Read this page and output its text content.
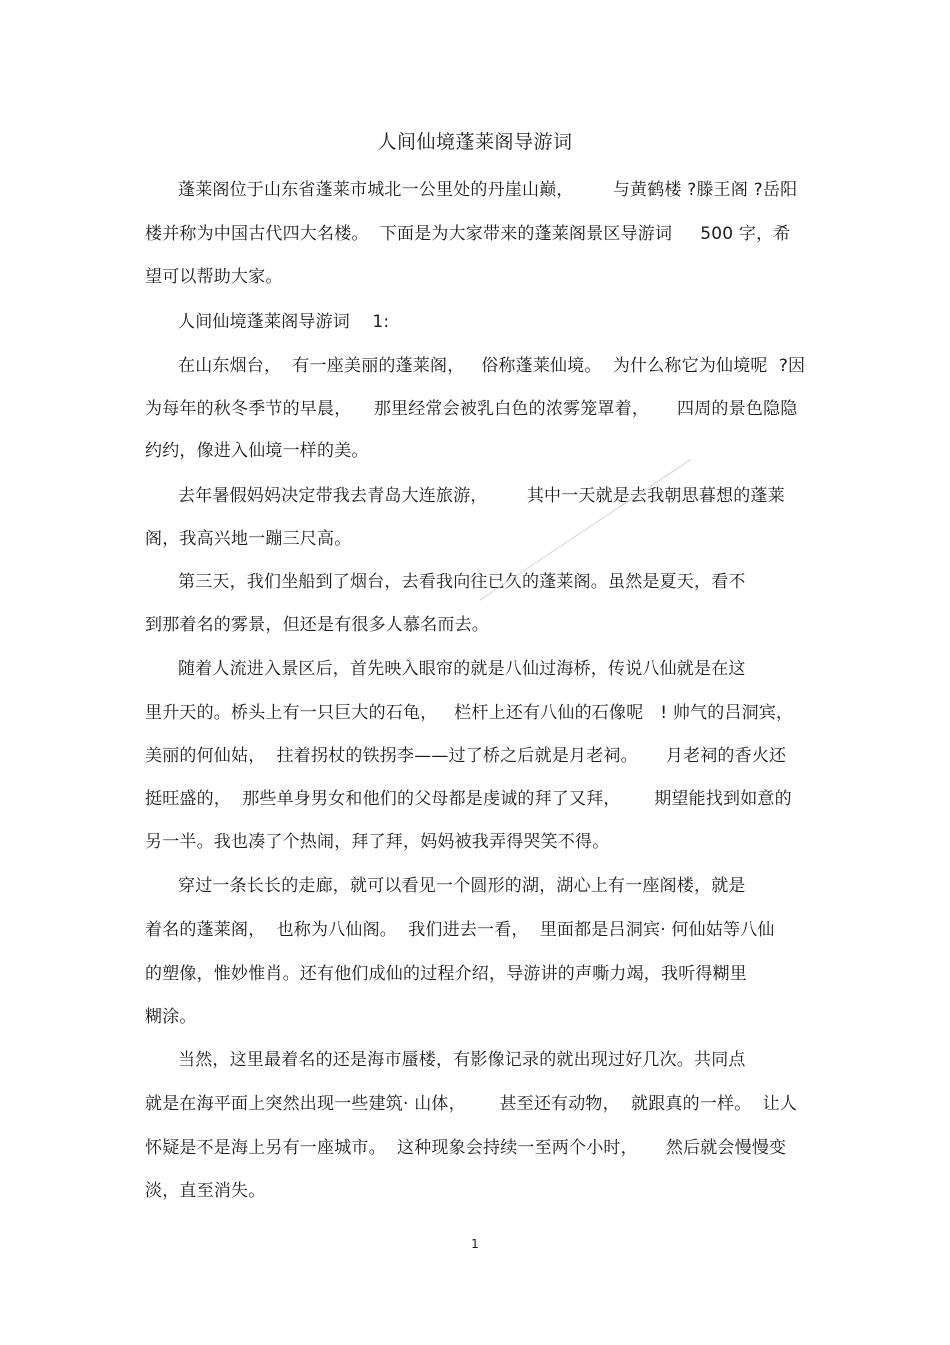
人间仙境蓬莱阁导游词
蓬莱阁位于山东省蓬莱市城北一公里处的丹崖山巅，       与黄鹤楼 ?滕王阁 ?岳阳
楼并称为中国古代四大名楼。  下面是为大家带来的蓬莱阁景区导游词     500 字，希
望可以帮助大家。
人间仙境蓬莱阁导游词    1:
在山东烟台，  有一座美丽的蓬莱阁，   俗称蓬莱仙境。  为什么称它为仙境呢  ?因
为每年的秋冬季节的早晨，    那里经常会被乳白色的浓雾笼罩着，     四周的景色隐隐
约约，像进入仙境一样的美。
去年暑假妈妈决定带我去青岛大连旅游，       其中一天就是去我朝思暮想的蓬莱
阁，我高兴地一蹦三尺高。
第三天，我们坐船到了烟台，去看我向往已久的蓬莱阁。虽然是夏天，看不
到那着名的雾景，但还是有很多人慕名而去。
随着人流进入景区后，首先映入眼帘的就是八仙过海桥，传说八仙就是在这
里升天的。桥头上有一只巨大的石龟，   栏杆上还有八仙的石像呢   ! 帅气的吕洞宾，
美丽的何仙姑，  拄着拐杖的铁拐李——过了桥之后就是月老祠。     月老祠的香火还
挺旺盛的，  那些单身男女和他们的父母都是虔诚的拜了又拜，      期望能找到如意的
另一半。我也凑了个热闹，拜了拜，妈妈被我弄得哭笑不得。
穿过一条长长的走廊，就可以看见一个圆形的湖，湖心上有一座阁楼，就是
着名的蓬莱阁，  也称为八仙阁。  我们进去一看，  里面都是吕洞宾· 何仙姑等八仙
的塑像，惟妙惟肖。还有他们成仙的过程介绍，导游讲的声嘶力竭，我听得糊里
糊涂。
当然，这里最着名的还是海市蜃楼，有影像记录的就出现过好几次。共同点
就是在海平面上突然出现一些建筑· 山体，      甚至还有动物，  就跟真的一样。  让人
怀疑是不是海上另有一座城市。  这种现象会持续一至两个小时，     然后就会慢慢变
淡，直至消失。
1
